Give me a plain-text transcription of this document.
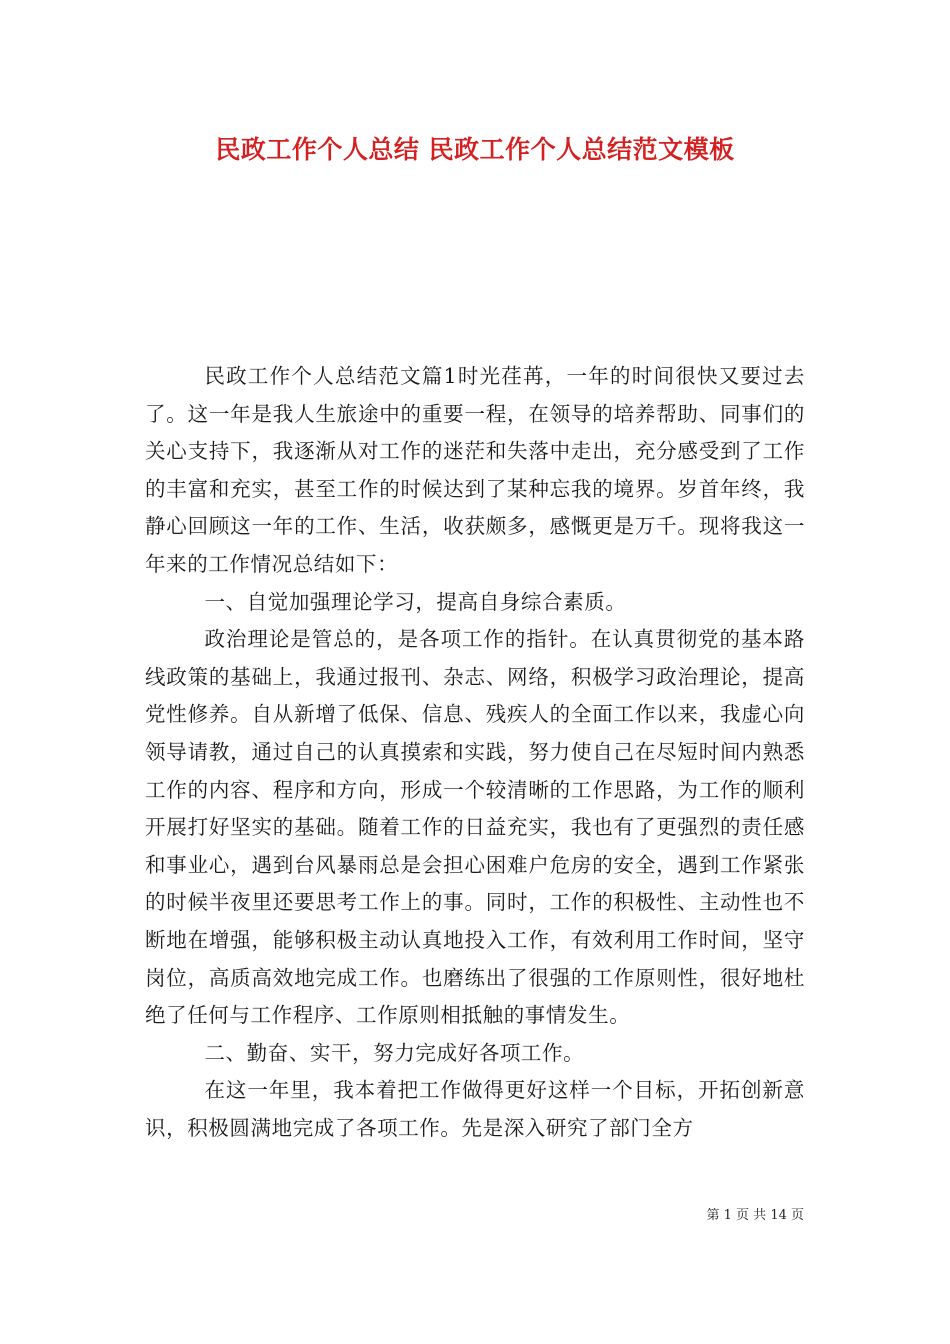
民政工作个人总结 民政工作个人总结范文模板

民政工作个人总结范文篇1时光荏苒，一年的时间很快又要过去了。这一年是我人生旅途中的重要一程，在领导的培养帮助、同事们的关心支持下，我逐渐从对工作的迷茫和失落中走出，充分感受到了工作的丰富和充实，甚至工作的时候达到了某种忘我的境界。岁首年终，我静心回顾这一年的工作、生活，收获颇多，感慨更是万千。现将我这一年来的工作情况总结如下：

一、自觉加强理论学习，提高自身综合素质。

政治理论是管总的，是各项工作的指针。在认真贯彻党的基本路线政策的基础上，我通过报刊、杂志、网络，积极学习政治理论，提高党性修养。自从新增了低保、信息、残疾人的全面工作以来，我虚心向领导请教，通过自己的认真摸索和实践，努力使自己在尽短时间内熟悉工作的内容、程序和方向，形成一个较清晰的工作思路，为工作的顺利开展打好坚实的基础。随着工作的日益充实，我也有了更强烈的责任感和事业心，遇到台风暴雨总是会担心困难户危房的安全，遇到工作紧张的时候半夜里还要思考工作上的事。同时，工作的积极性、主动性也不断地在增强，能够积极主动认真地投入工作，有效利用工作时间，坚守岗位，高质高效地完成工作。也磨练出了很强的工作原则性，很好地杜绝了任何与工作程序、工作原则相抵触的事情发生。

二、勤奋、实干，努力完成好各项工作。

在这一年里，我本着把工作做得更好这样一个目标，开拓创新意识，积极圆满地完成了各项工作。先是深入研究了部门全方

第 1 页 共 14 页
